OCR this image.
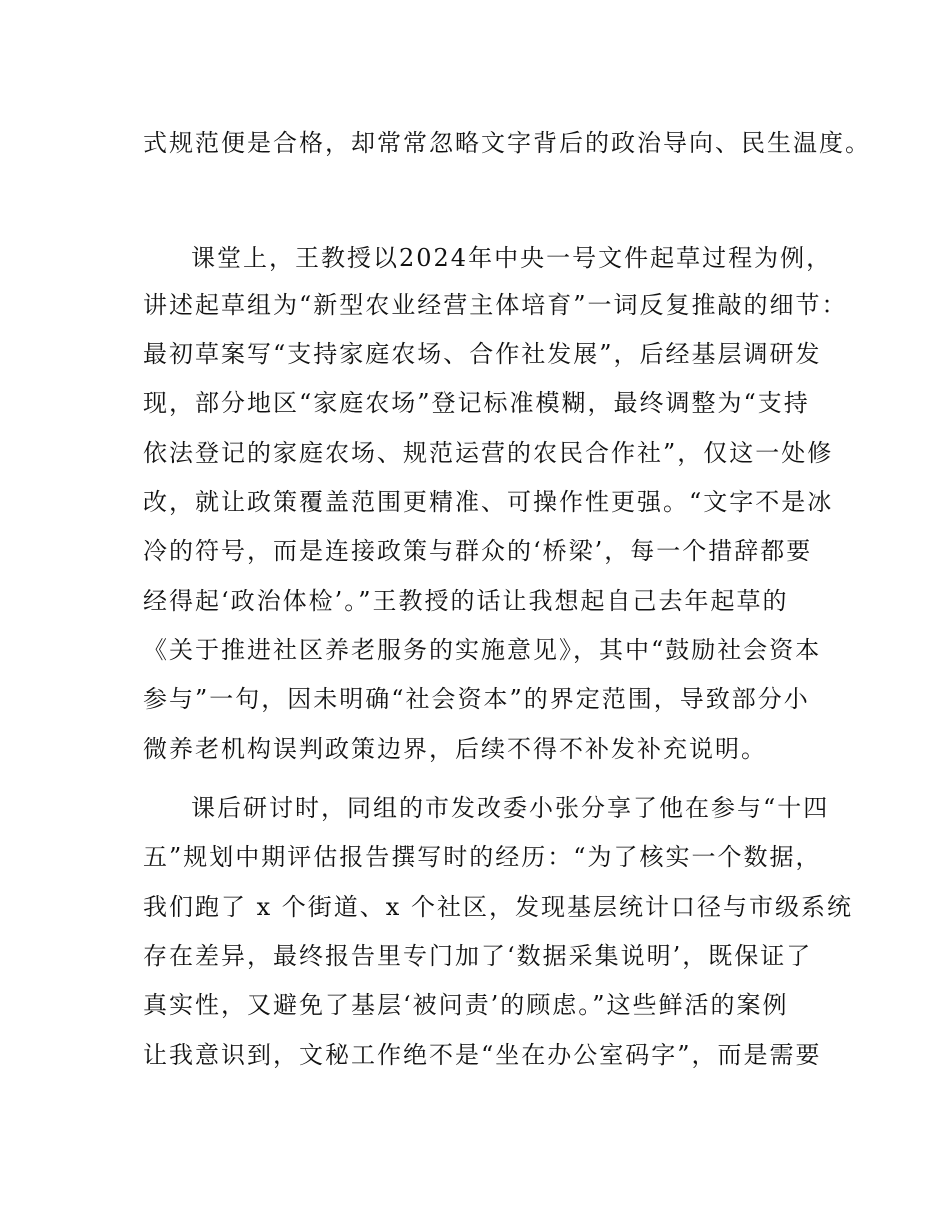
式规范便是合格，却常常忽略文字背后的政治导向、民生温度。
课堂上，王教授以2024年中央一号文件起草过程为例，
讲述起草组为“新型农业经营主体培育”一词反复推敲的细节：
最初草案写“支持家庭农场、合作社发展”，后经基层调研发
现，部分地区“家庭农场”登记标准模糊，最终调整为“支持
依法登记的家庭农场、规范运营的农民合作社”，仅这一处修
改，就让政策覆盖范围更精准、可操作性更强。“文字不是冰
冷的符号，而是连接政策与群众的‘桥梁’，每一个措辞都要
经得起‘政治体检’。”王教授的话让我想起自己去年起草的
《关于推进社区养老服务的实施意见》，其中“鼓励社会资本
参与”一句，因未明确“社会资本”的界定范围，导致部分小
微养老机构误判政策边界，后续不得不补发补充说明。
课后研讨时，同组的市发改委小张分享了他在参与“十四
五”规划中期评估报告撰写时的经历：“为了核实一个数据，
我们跑了 x 个街道、x 个社区，发现基层统计口径与市级系统
存在差异，最终报告里专门加了‘数据采集说明’，既保证了
真实性，又避免了基层‘被问责’的顾虑。”这些鲜活的案例
让我意识到，文秘工作绝不是“坐在办公室码字”，而是需要
